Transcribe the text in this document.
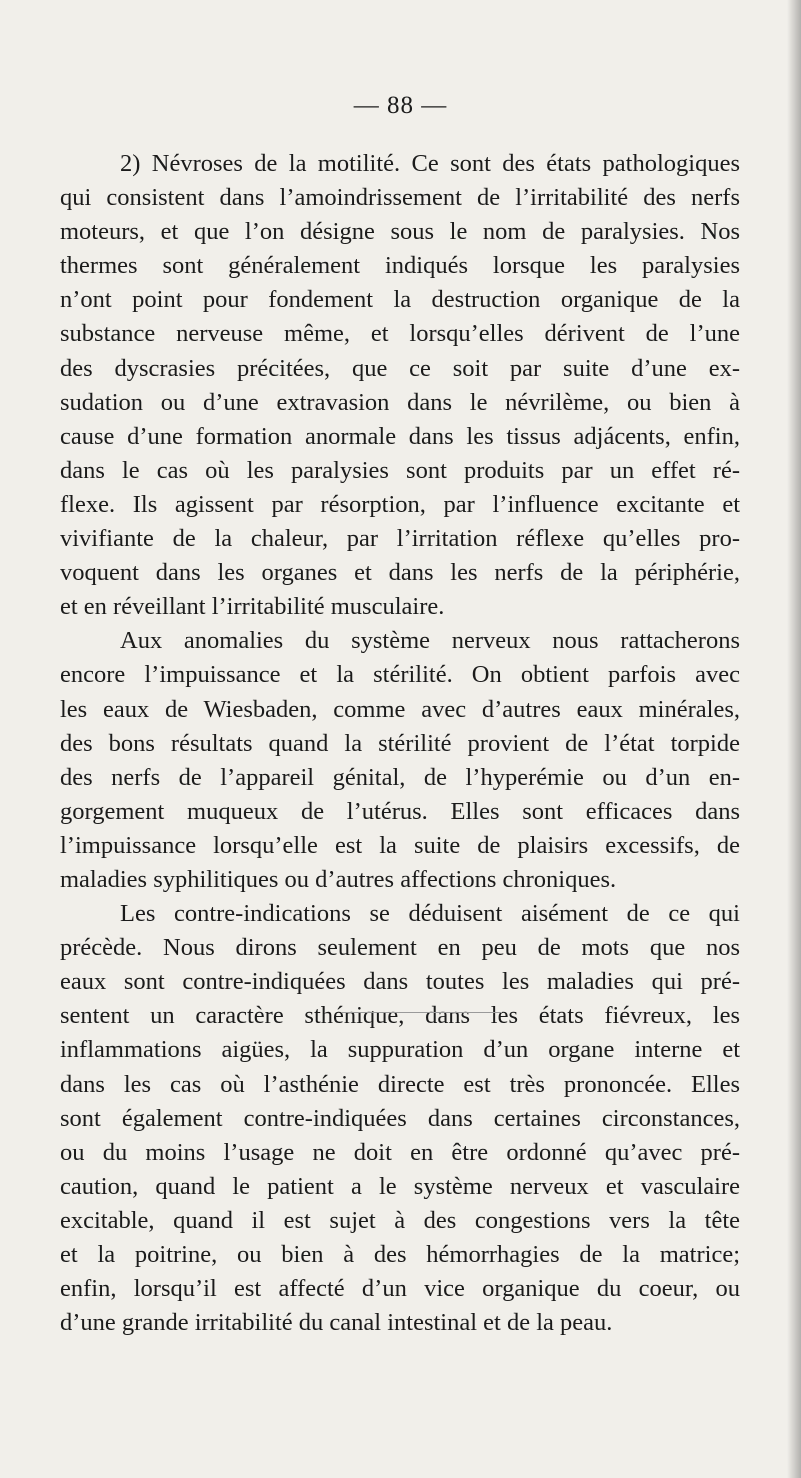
— 88 —

2) Névroses de la motilité. Ce sont des états pathologiques
qui consistent dans l’amoindrissement de l’irritabilité des nerfs
moteurs, et que l’on désigne sous le nom de paralysies. Nos
thermes sont généralement indiqués lorsque les paralysies
n’ont point pour fondement la destruction organique de la
substance nerveuse même, et lorsqu’elles dérivent de l’une
des dyscrasies précitées, que ce soit par suite d’une ex-
sudation ou d’une extravasion dans le névrilème, ou bien à
cause d’une formation anormale dans les tissus adjácents, enfin,
dans le cas où les paralysies sont produits par un effet ré-
flexe. Ils agissent par résorption, par l’influence excitante et
vivifiante de la chaleur, par l’irritation réflexe qu’elles pro-
voquent dans les organes et dans les nerfs de la périphérie,
et en réveillant l’irritabilité musculaire.

Aux anomalies du système nerveux nous rattacherons
encore l’impuissance et la stérilité. On obtient parfois avec
les eaux de Wiesbaden, comme avec d’autres eaux minérales,
des bons résultats quand la stérilité provient de l’état torpide
des nerfs de l’appareil génital, de l’hyperémie ou d’un en-
gorgement muqueux de l’utérus. Elles sont efficaces dans
l’impuissance lorsqu’elle est la suite de plaisirs excessifs, de
maladies syphilitiques ou d’autres affections chroniques.

Les contre-indications se déduisent aisément de ce qui
précède. Nous dirons seulement en peu de mots que nos
eaux sont contre-indiquées dans toutes les maladies qui pré-
sentent un caractère sthénique, dans les états fiévreux, les
inflammations aigües, la suppuration d’un organe interne et
dans les cas où l’asthénie directe est très prononcée. Elles
sont également contre-indiquées dans certaines circonstances,
ou du moins l’usage ne doit en être ordonné qu’avec pré-
caution, quand le patient a le système nerveux et vasculaire
excitable, quand il est sujet à des congestions vers la tête
et la poitrine, ou bien à des hémorrhagies de la matrice;
enfin, lorsqu’il est affecté d’un vice organique du coeur, ou
d’une grande irritabilité du canal intestinal et de la peau.
